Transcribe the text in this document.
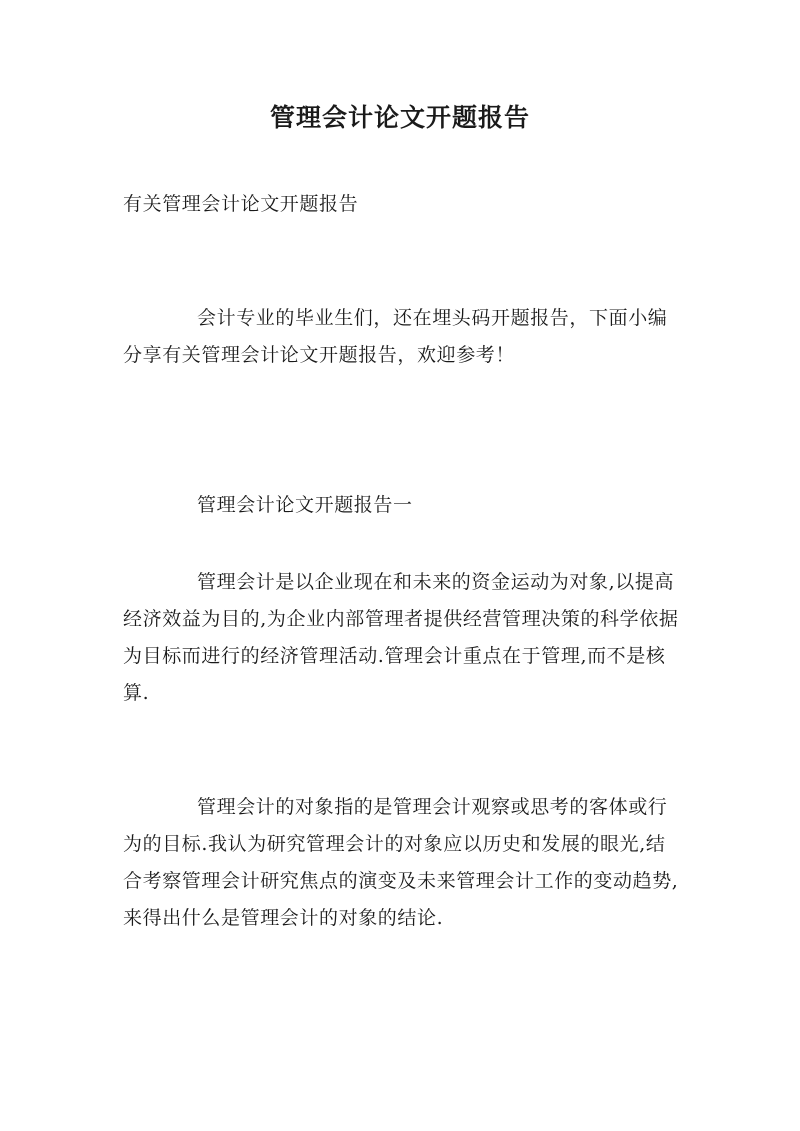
管理会计论文开题报告

有关管理会计论文开题报告

会计专业的毕业生们，还在埋头码开题报告，下面小编分享有关管理会计论文开题报告，欢迎参考！

管理会计论文开题报告一

管理会计是以企业现在和未来的资金运动为对象,以提高经济效益为目的,为企业内部管理者提供经营管理决策的科学依据为目标而进行的经济管理活动.管理会计重点在于管理,而不是核算.

管理会计的对象指的是管理会计观察或思考的客体或行为的目标.我认为研究管理会计的对象应以历史和发展的眼光,结合考察管理会计研究焦点的演变及未来管理会计工作的变动趋势,来得出什么是管理会计的对象的结论.
